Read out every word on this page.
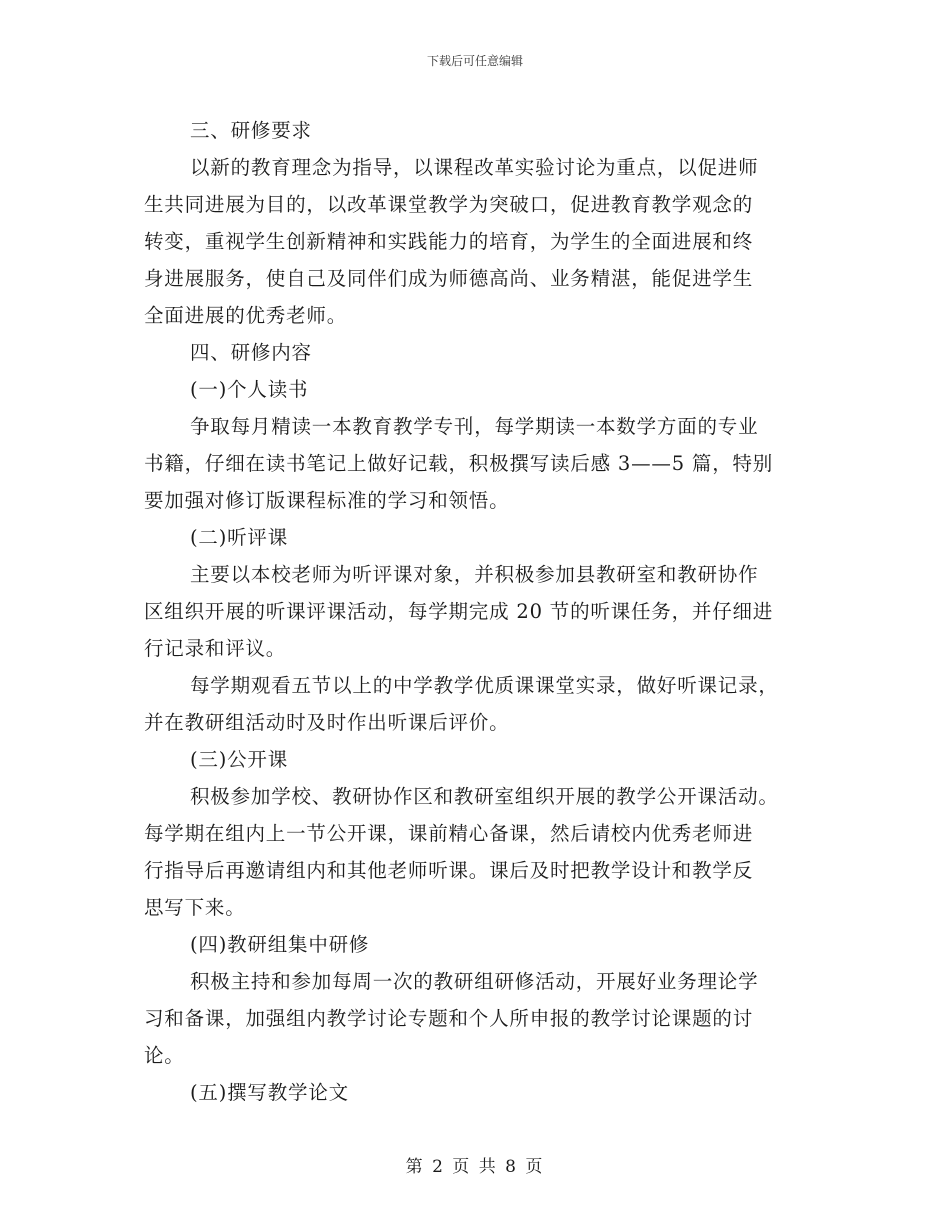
下载后可任意编辑
三、研修要求
以新的教育理念为指导，以课程改革实验讨论为重点，以促进师
生共同进展为目的，以改革课堂教学为突破口，促进教育教学观念的
转变，重视学生创新精神和实践能力的培育，为学生的全面进展和终
身进展服务，使自己及同伴们成为师德高尚、业务精湛，能促进学生
全面进展的优秀老师。
四、研修内容
(一)个人读书
争取每月精读一本教育教学专刊，每学期读一本数学方面的专业
书籍，仔细在读书笔记上做好记载，积极撰写读后感 3——5 篇，特别
要加强对修订版课程标准的学习和领悟。
(二)听评课
主要以本校老师为听评课对象，并积极参加县教研室和教研协作
区组织开展的听课评课活动，每学期完成 20 节的听课任务，并仔细进
行记录和评议。
每学期观看五节以上的中学教学优质课课堂实录，做好听课记录，
并在教研组活动时及时作出听课后评价。
(三)公开课
积极参加学校、教研协作区和教研室组织开展的教学公开课活动。
每学期在组内上一节公开课，课前精心备课，然后请校内优秀老师进
行指导后再邀请组内和其他老师听课。课后及时把教学设计和教学反
思写下来。
(四)教研组集中研修
积极主持和参加每周一次的教研组研修活动，开展好业务理论学
习和备课，加强组内教学讨论专题和个人所申报的教学讨论课题的讨
论。
(五)撰写教学论文
第 2 页 共 8 页
